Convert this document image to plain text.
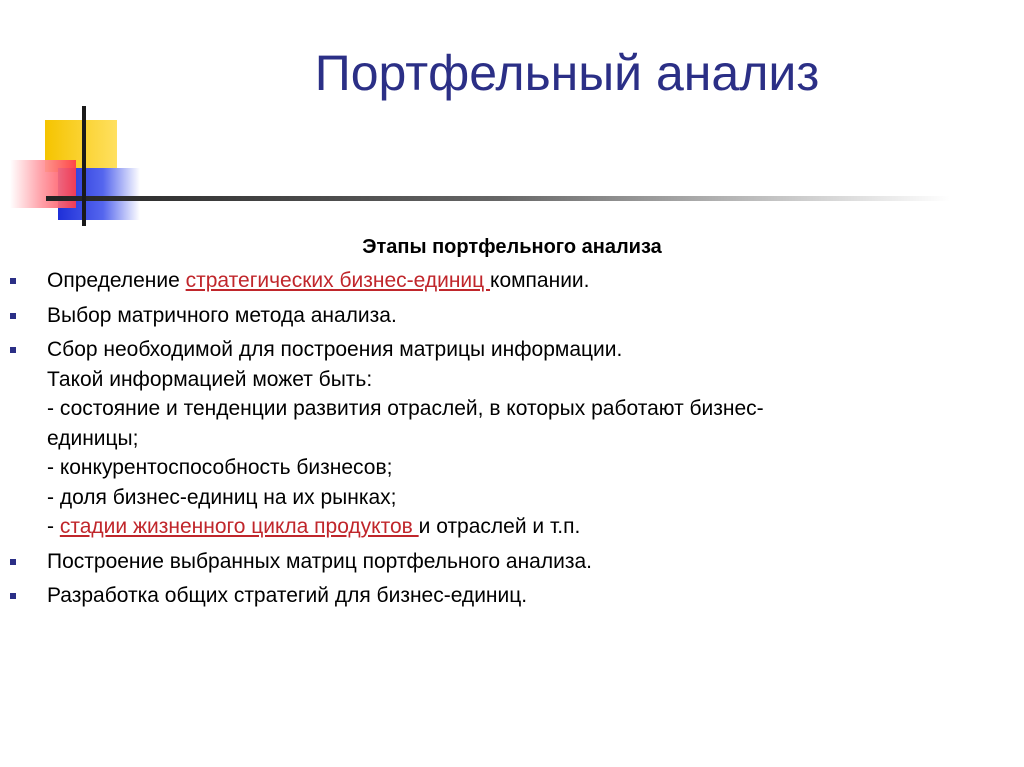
Портфельный анализ
Этапы портфельного анализа
Определение стратегических бизнес-единиц компании.
Выбор матричного метода анализа.
Сбор необходимой для построения матрицы информации.
Такой информацией может быть:
- состояние и тенденции развития отраслей, в которых работают бизнес-
единицы;
- конкурентоспособность бизнесов;
- доля бизнес-единиц на их рынках;
- стадии жизненного цикла продуктов и отраслей и т.п.
Построение выбранных матриц портфельного анализа.
Разработка общих стратегий для бизнес-единиц.
